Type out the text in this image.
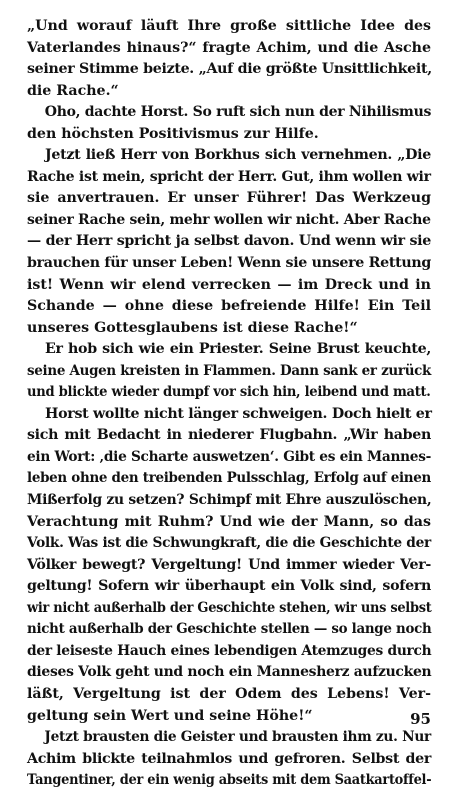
„Und worauf läuft Ihre große sittliche Idee des
Vaterlandes hinaus?“ fragte Achim, und die Asche
seiner Stimme beizte. „Auf die größte Unsittlichkeit,
die Rache.“
Oho, dachte Horst. So ruft sich nun der Nihilismus
den höchsten Positivismus zur Hilfe.
Jetzt ließ Herr von Borkhus sich vernehmen. „Die
Rache ist mein, spricht der Herr. Gut, ihm wollen wir
sie anvertrauen. Er unser Führer! Das Werkzeug
seiner Rache sein, mehr wollen wir nicht. Aber Rache
— der Herr spricht ja selbst davon. Und wenn wir sie
brauchen für unser Leben! Wenn sie unsere Rettung
ist! Wenn wir elend verrecken — im Dreck und in
Schande — ohne diese befreiende Hilfe! Ein Teil
unseres Gottesglaubens ist diese Rache!“
Er hob sich wie ein Priester. Seine Brust keuchte,
seine Augen kreisten in Flammen. Dann sank er zurück
und blickte wieder dumpf vor sich hin, leibend und matt.
Horst wollte nicht länger schweigen. Doch hielt er
sich mit Bedacht in niederer Flugbahn. „Wir haben
ein Wort: ‚die Scharte auswetzen‘. Gibt es ein Mannes-
leben ohne den treibenden Pulsschlag, Erfolg auf einen
Mißerfolg zu setzen? Schimpf mit Ehre auszulöschen,
Verachtung mit Ruhm? Und wie der Mann, so das
Volk. Was ist die Schwungkraft, die die Geschichte der
Völker bewegt? Vergeltung! Und immer wieder Ver-
geltung! Sofern wir überhaupt ein Volk sind, sofern
wir nicht außerhalb der Geschichte stehen, wir uns selbst
nicht außerhalb der Geschichte stellen — so lange noch
der leiseste Hauch eines lebendigen Atemzuges durch
dieses Volk geht und noch ein Mannesherz aufzucken
läßt, Vergeltung ist der Odem des Lebens! Ver-
geltung sein Wert und seine Höhe!“
Jetzt brausten die Geister und brausten ihm zu. Nur
Achim blickte teilnahmlos und gefroren. Selbst der
Tangentiner, der ein wenig abseits mit dem Saatkartoffel-
95
